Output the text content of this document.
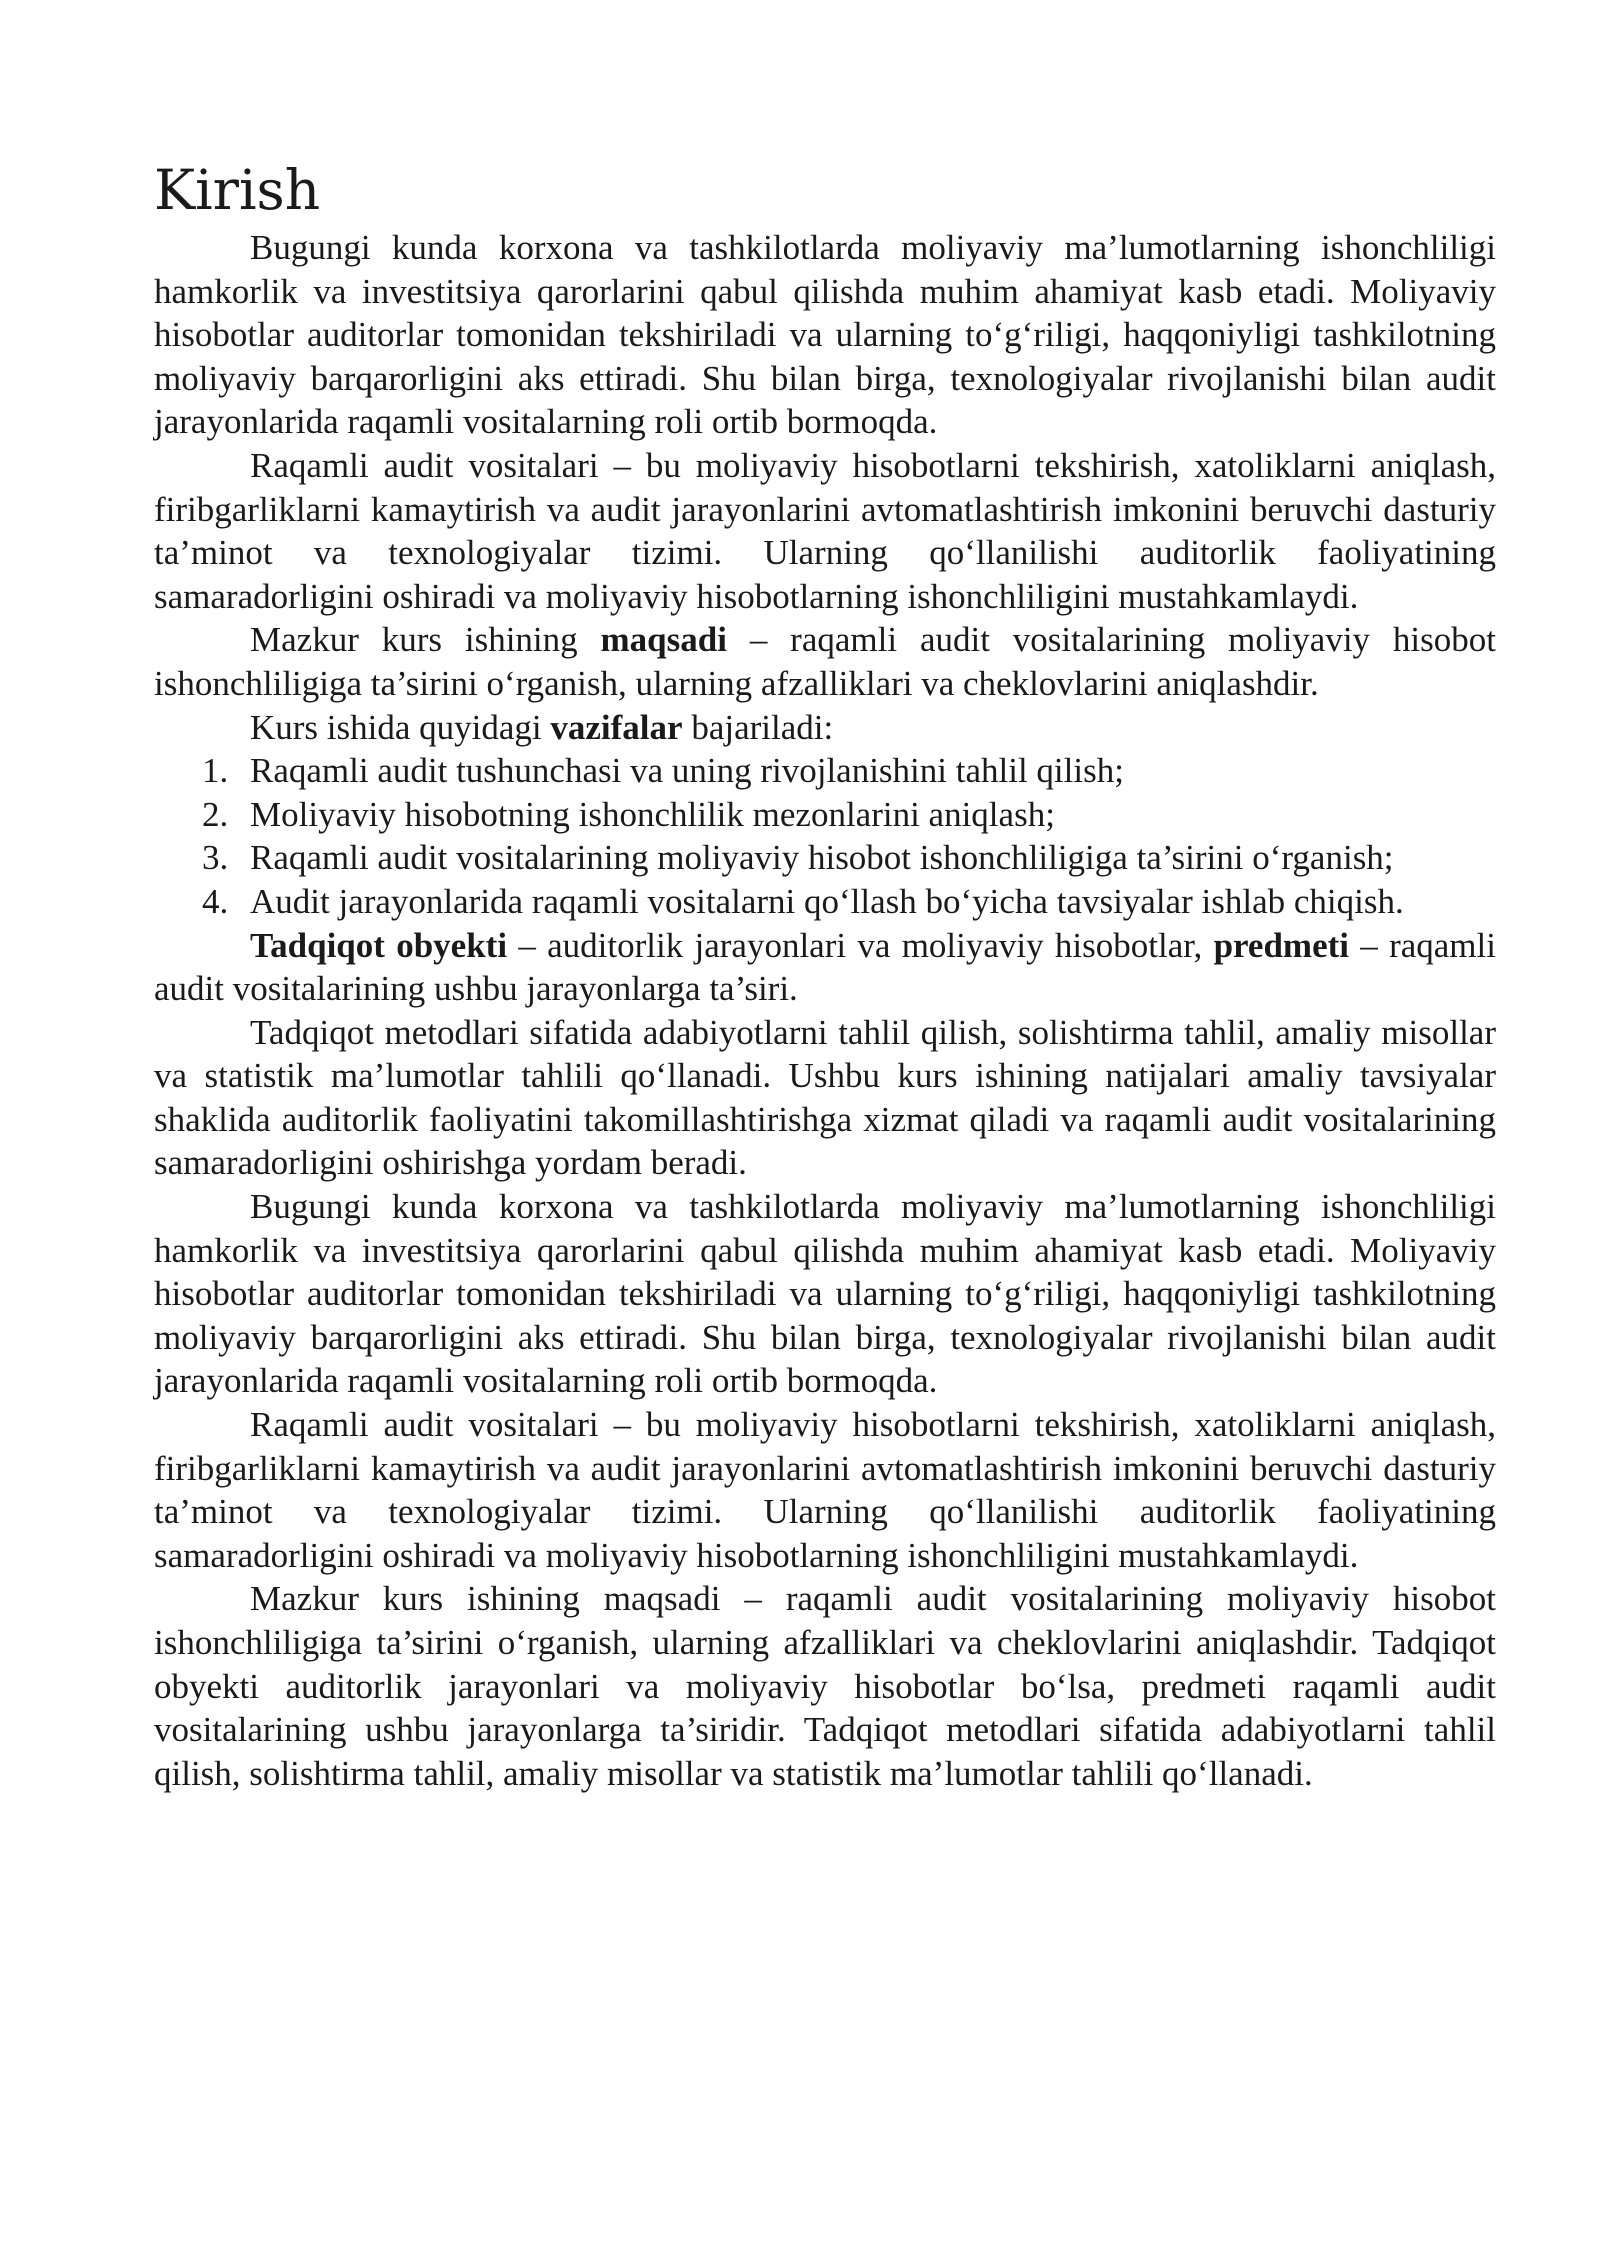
Kirish

Bugungi kunda korxona va tashkilotlarda moliyaviy ma’lumotlarning ishonchliligi hamkorlik va investitsiya qarorlarini qabul qilishda muhim ahamiyat kasb etadi. Moliyaviy hisobotlar auditorlar tomonidan tekshiriladi va ularning to‘g‘riligi, haqqoniyligi tashkilotning moliyaviy barqarorligini aks ettiradi. Shu bilan birga, texnologiyalar rivojlanishi bilan audit jarayonlarida raqamli vositalarning roli ortib bormoqda.

Raqamli audit vositalari – bu moliyaviy hisobotlarni tekshirish, xatoliklarni aniqlash, firibgarliklarni kamaytirish va audit jarayonlarini avtomatlashtirish imkonini beruvchi dasturiy ta’minot va texnologiyalar tizimi. Ularning qo‘llanilishi auditorlik faoliyatining samaradorligini oshiradi va moliyaviy hisobotlarning ishonchliligini mustahkamlaydi.

Mazkur kurs ishining maqsadi – raqamli audit vositalarining moliyaviy hisobot ishonchliligiga ta’sirini o‘rganish, ularning afzalliklari va cheklovlarini aniqlashdir.

Kurs ishida quyidagi vazifalar bajariladi:

1. Raqamli audit tushunchasi va uning rivojlanishini tahlil qilish;
2. Moliyaviy hisobotning ishonchlilik mezonlarini aniqlash;
3. Raqamli audit vositalarining moliyaviy hisobot ishonchliligiga ta’sirini o‘rganish;
4. Audit jarayonlarida raqamli vositalarni qo‘llash bo‘yicha tavsiyalar ishlab chiqish.

Tadqiqot obyekti – auditorlik jarayonlari va moliyaviy hisobotlar, predmeti – raqamli audit vositalarining ushbu jarayonlarga ta’siri.

Tadqiqot metodlari sifatida adabiyotlarni tahlil qilish, solishtirma tahlil, amaliy misollar va statistik ma’lumotlar tahlili qo‘llanadi. Ushbu kurs ishining natijalari amaliy tavsiyalar shaklida auditorlik faoliyatini takomillashtirishga xizmat qiladi va raqamli audit vositalarining samaradorligini oshirishga yordam beradi.

Bugungi kunda korxona va tashkilotlarda moliyaviy ma’lumotlarning ishonchliligi hamkorlik va investitsiya qarorlarini qabul qilishda muhim ahamiyat kasb etadi. Moliyaviy hisobotlar auditorlar tomonidan tekshiriladi va ularning to‘g‘riligi, haqqoniyligi tashkilotning moliyaviy barqarorligini aks ettiradi. Shu bilan birga, texnologiyalar rivojlanishi bilan audit jarayonlarida raqamli vositalarning roli ortib bormoqda.

Raqamli audit vositalari – bu moliyaviy hisobotlarni tekshirish, xatoliklarni aniqlash, firibgarliklarni kamaytirish va audit jarayonlarini avtomatlashtirish imkonini beruvchi dasturiy ta’minot va texnologiyalar tizimi. Ularning qo‘llanilishi auditorlik faoliyatining samaradorligini oshiradi va moliyaviy hisobotlarning ishonchliligini mustahkamlaydi.

Mazkur kurs ishining maqsadi – raqamli audit vositalarining moliyaviy hisobot ishonchliligiga ta’sirini o‘rganish, ularning afzalliklari va cheklovlarini aniqlashdir. Tadqiqot obyekti auditorlik jarayonlari va moliyaviy hisobotlar bo‘lsa, predmeti raqamli audit vositalarining ushbu jarayonlarga ta’siridir. Tadqiqot metodlari sifatida adabiyotlarni tahlil qilish, solishtirma tahlil, amaliy misollar va statistik ma’lumotlar tahlili qo‘llanadi.
